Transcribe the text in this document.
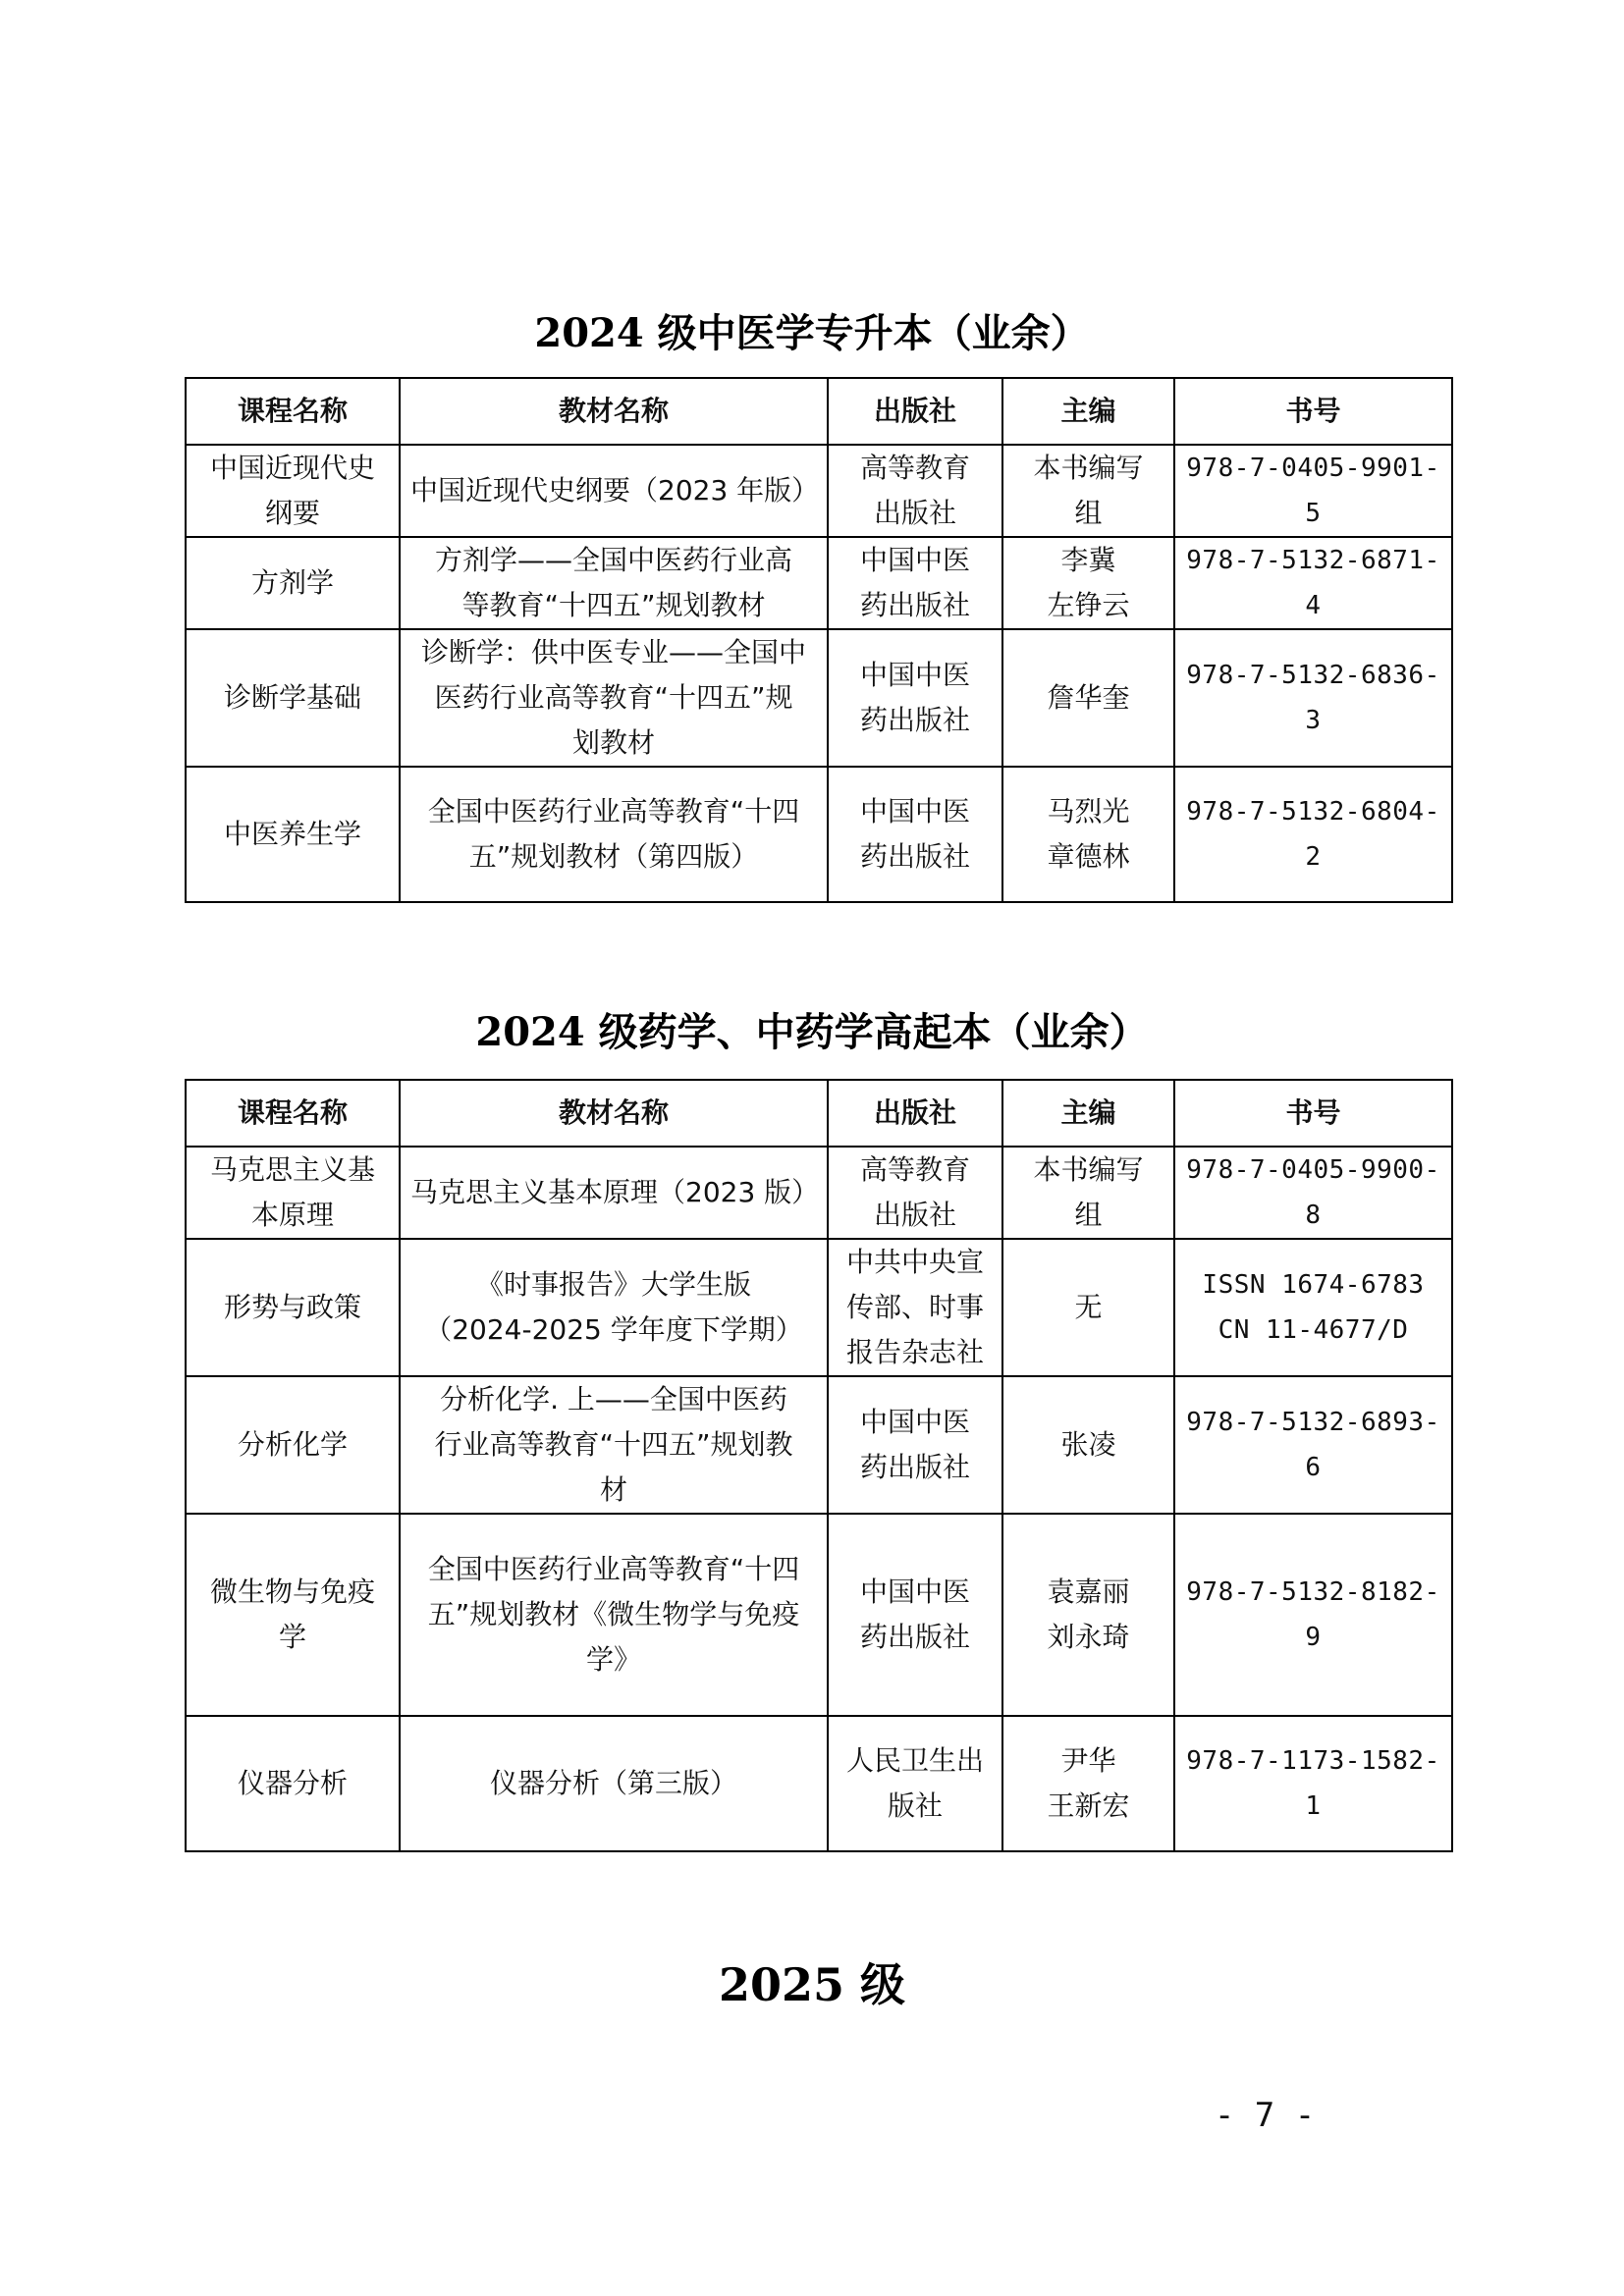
2024 级中医学专升本（业余）
课程名称	教材名称	出版社	主编	书号

中国近现代史
纲要	中国近现代史纲要（2023 年版）	高等教育
出版社	本书编写
组	978-7-0405-9901-5

方剂学	方剂学——全国中医药行业高
等教育“十四五”规划教材	中国中医
药出版社	李冀
左铮云	978-7-5132-6871-4

诊断学基础	诊断学：供中医专业——全国中
医药行业高等教育“十四五”规
划教材	中国中医
药出版社	詹华奎	978-7-5132-6836-3

中医养生学	全国中医药行业高等教育“十四
五”规划教材（第四版）	中国中医
药出版社	马烈光
章德林	978-7-5132-6804-2
2024 级药学、中药学高起本（业余）
课程名称	教材名称	出版社	主编	书号

马克思主义基
本原理	马克思主义基本原理（2023 版）	高等教育
出版社	本书编写
组	978-7-0405-9900-8

形势与政策	《时事报告》大学生版
（2024-2025 学年度下学期）	中共中央宣
传部、时事
报告杂志社	无	ISSN 1674-6783
CN 11-4677/D

分析化学	分析化学. 上——全国中医药
行业高等教育“十四五”规划教
材	中国中医
药出版社	张凌	978-7-5132-6893-6

微生物与免疫
学	全国中医药行业高等教育“十四
五”规划教材《微生物学与免疫
学》	中国中医
药出版社	袁嘉丽
刘永琦	978-7-5132-8182-9

仪器分析	仪器分析（第三版）	人民卫生出
版社	尹华
王新宏	978-7-1173-1582-1
2025 级
- 7 -
